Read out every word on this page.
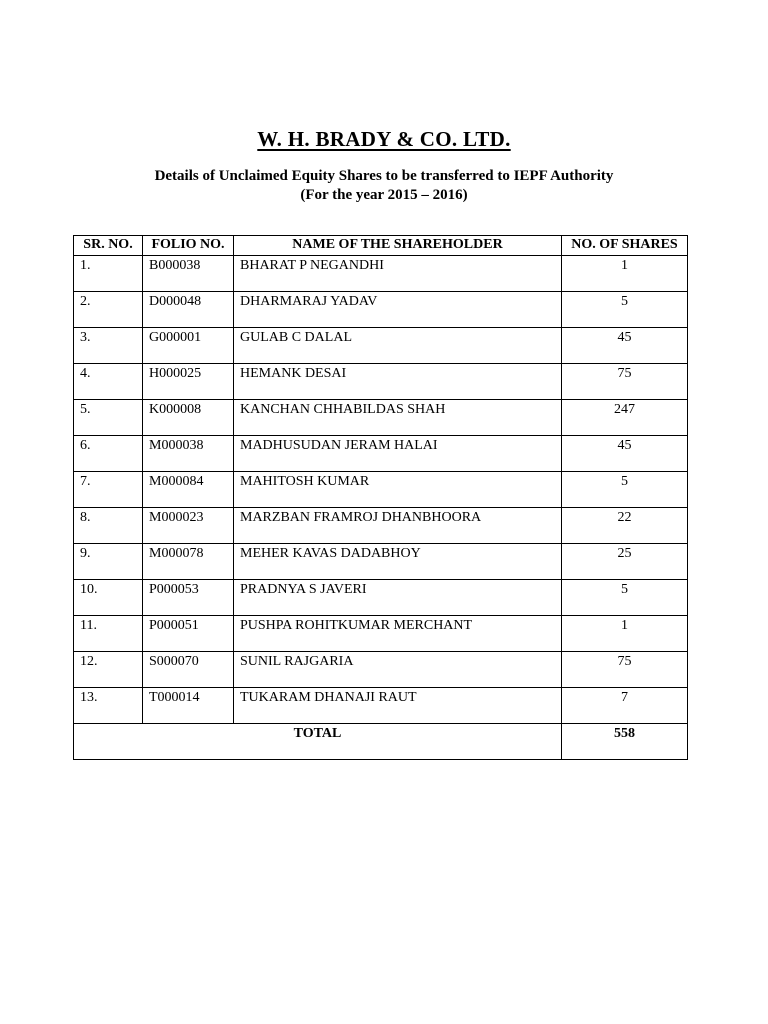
W. H. BRADY & CO. LTD.
Details of Unclaimed Equity Shares to be transferred to IEPF Authority
(For the year 2015 – 2016)
SR. NO.	FOLIO NO.	NAME OF THE SHAREHOLDER	NO. OF SHARES
1.	B000038	BHARAT P NEGANDHI	1
2.	D000048	DHARMARAJ YADAV	5
3.	G000001	GULAB C DALAL	45
4.	H000025	HEMANK DESAI	75
5.	K000008	KANCHAN CHHABILDAS SHAH	247
6.	M000038	MADHUSUDAN JERAM HALAI	45
7.	M000084	MAHITOSH KUMAR	5
8.	M000023	MARZBAN FRAMROJ DHANBHOORA	22
9.	M000078	MEHER KAVAS DADABHOY	25
10.	P000053	PRADNYA S JAVERI	5
11.	P000051	PUSHPA ROHITKUMAR MERCHANT	1
12.	S000070	SUNIL RAJGARIA	75
13.	T000014	TUKARAM DHANAJI RAUT	7
TOTAL			558
